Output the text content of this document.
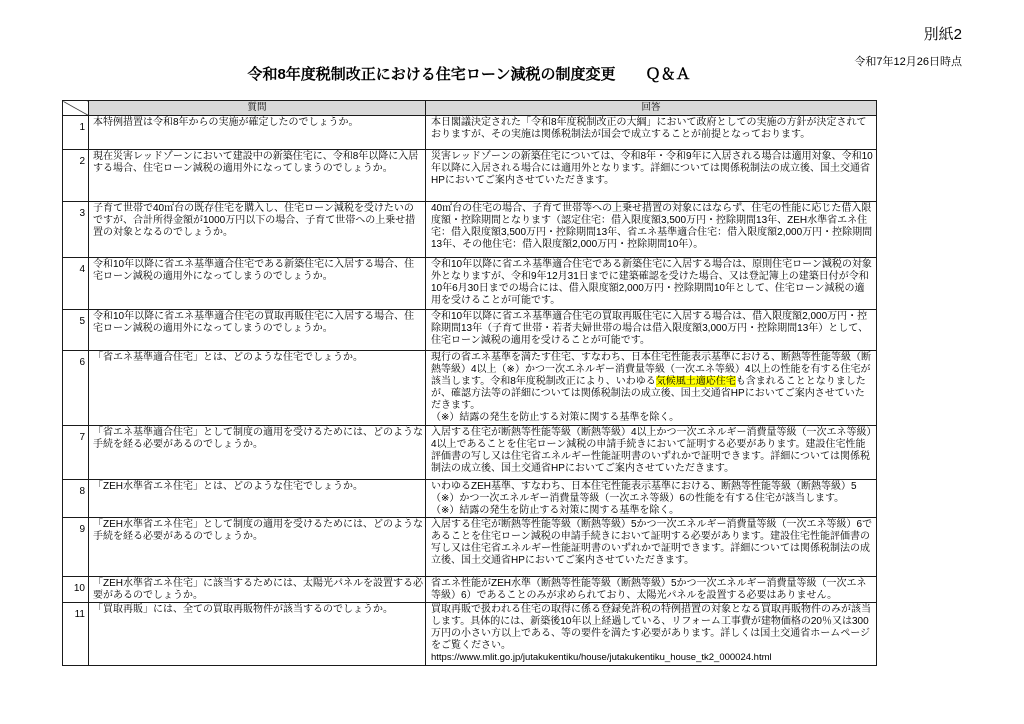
別紙2
令和7年12月26日時点
令和8年度税制改正における住宅ローン減税の制度変更　　Ｑ＆Ａ
	質問	回答
1	本特例措置は令和8年からの実施が確定したのでしょうか。	本日閣議決定された「令和8年度税制改正の大綱」において政府としての実施の方針が決定されておりますが、その実施は関係税制法が国会で成立することが前提となっております。
2	現在災害レッドゾーンにおいて建設中の新築住宅に、令和8年以降に入居する場合、住宅ローン減税の適用外になってしまうのでしょうか。	災害レッドゾーンの新築住宅については、令和8年・令和9年に入居される場合は適用対象、令和10年以降に入居される場合には適用外となります。詳細については関係税制法の成立後、国土交通省HPにおいてご案内させていただきます。
3	子育て世帯で40㎡台の既存住宅を購入し、住宅ローン減税を受けたいのですが、合計所得金額が1000万円以下の場合、子育て世帯への上乗せ措置の対象となるのでしょうか。	40㎡台の住宅の場合、子育て世帯等への上乗せ措置の対象にはならず、住宅の性能に応じた借入限度額・控除期間となります（認定住宅：借入限度額3,500万円・控除期間13年、ZEH水準省エネ住宅：借入限度額3,500万円・控除期間13年、省エネ基準適合住宅：借入限度額2,000万円・控除期間13年、その他住宅：借入限度額2,000万円・控除期間10年）。
4	令和10年以降に省エネ基準適合住宅である新築住宅に入居する場合、住宅ローン減税の適用外になってしまうのでしょうか。	令和10年以降に省エネ基準適合住宅である新築住宅に入居する場合は、原則住宅ローン減税の対象外となりますが、令和9年12月31日までに建築確認を受けた場合、又は登記簿上の建築日付が令和10年6月30日までの場合には、借入限度額2,000万円・控除期間10年として、住宅ローン減税の適用を受けることが可能です。
5	令和10年以降に省エネ基準適合住宅の買取再販住宅に入居する場合、住宅ローン減税の適用外になってしまうのでしょうか。	令和10年以降に省エネ基準適合住宅の買取再販住宅に入居する場合は、借入限度額2,000万円・控除期間13年（子育て世帯・若者夫婦世帯の場合は借入限度額3,000万円・控除期間13年）として、住宅ローン減税の適用を受けることが可能です。
6	「省エネ基準適合住宅」とは、どのような住宅でしょうか。	現行の省エネ基準を満たす住宅、すなわち、日本住宅性能表示基準における、断熱等性能等級（断熱等級）4以上（※）かつ一次エネルギー消費量等級（一次エネ等級）4以上の性能を有する住宅が該当します。令和8年度税制改正により、いわゆる気候風土適応住宅も含まれることとなりましたが、確認方法等の詳細については関係税制法の成立後、国土交通省HPにおいてご案内させていただきます。
（※）結露の発生を防止する対策に関する基準を除く。

7	「省エネ基準適合住宅」として制度の適用を受けるためには、どのような手続を経る必要があるのでしょうか。	入居する住宅が断熱等性能等級（断熱等級）4以上かつ一次エネルギー消費量等級（一次エネ等級）4以上であることを住宅ローン減税の申請手続きにおいて証明する必要があります。建設住宅性能評価書の写し又は住宅省エネルギー性能証明書のいずれかで証明できます。詳細については関係税制法の成立後、国土交通省HPにおいてご案内させていただきます。
8	「ZEH水準省エネ住宅」とは、どのような住宅でしょうか。	いわゆるZEH基準、すなわち、日本住宅性能表示基準における、断熱等性能等級（断熱等級）5（※）かつ一次エネルギー消費量等級（一次エネ等級）6の性能を有する住宅が該当します。
（※）結露の発生を防止する対策に関する基準を除く。

9	「ZEH水準省エネ住宅」として制度の適用を受けるためには、どのような手続を経る必要があるのでしょうか。	入居する住宅が断熱等性能等級（断熱等級）5かつ一次エネルギー消費量等級（一次エネ等級）6であることを住宅ローン減税の申請手続きにおいて証明する必要があります。建設住宅性能評価書の写し又は住宅省エネルギー性能証明書のいずれかで証明できます。詳細については関係税制法の成立後、国土交通省HPにおいてご案内させていただきます。
10	「ZEH水準省エネ住宅」に該当するためには、太陽光パネルを設置する必要があるのでしょうか。	省エネ性能がZEH水準（断熱等性能等級（断熱等級）5かつ一次エネルギー消費量等級（一次エネ等級）6）であることのみが求められており、太陽光パネルを設置する必要はありません。
11	「買取再販」には、全ての買取再販物件が該当するのでしょうか。	買取再販で扱われる住宅の取得に係る登録免許税の特例措置の対象となる買取再販物件のみが該当します。具体的には、新築後10年以上経過している、リフォーム工事費が建物価格の20％又は300万円の小さい方以上である、等の要件を満たす必要があります。詳しくは国土交通省ホームページをご覧ください。
https://www.mlit.go.jp/jutakukentiku/house/jutakukentiku_house_tk2_000024.html
